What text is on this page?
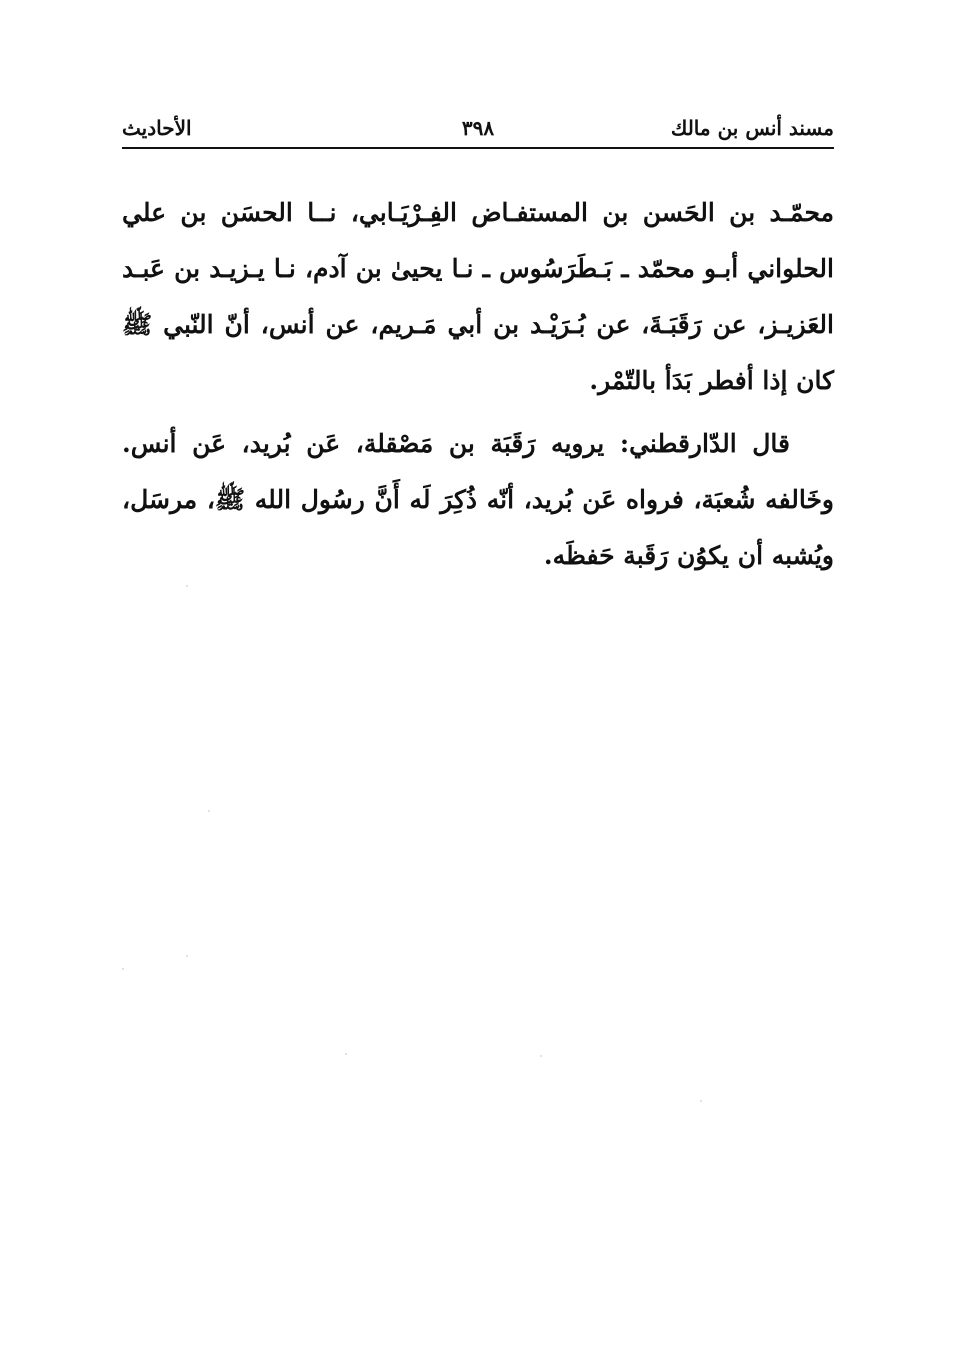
مسند أنس بن مالك
٣٩٨
الأحاديث

محمّـد بن الحَسن بن المستفـاض الفِـرْيَـابي، نــا الحسَن بن علي الحلواني أبـو محمّد ـ بَـطَرَسُوس ـ نـا يحيىٰ بن آدم، نـا يـزيـد بن عَبـد العَزيـز، عن رَقَبَـةَ، عن بُـرَيْـد بن أبي مَـريم، عن أنس، أنّ النّبي ﷺ كان إذا أفطر بَدَأ بالتّمْر.

قال الدّارقطني: يرويه رَقَبَة بن مَصْقلة، عَن بُريد، عَن أنس. وخَالفه شُعبَة، فرواه عَن بُريد، أنّه ذُكِرَ لَه أَنَّ رسُول الله ﷺ، مرسَل، ويُشبه أن يكوُن رَقَبة حَفظَه.
